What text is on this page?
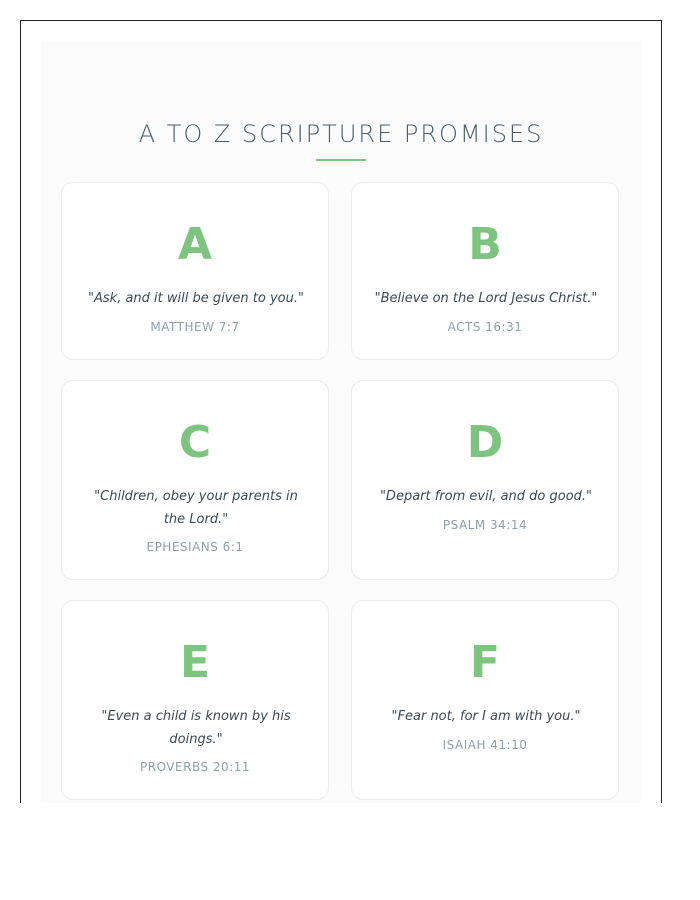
A TO Z SCRIPTURE PROMISES
A
"Ask, and it will be given to you."
MATTHEW 7:7
B
"Believe on the Lord Jesus Christ."
ACTS 16:31
C
"Children, obey your parents in the Lord."
EPHESIANS 6:1
D
"Depart from evil, and do good."
PSALM 34:14
E
"Even a child is known by his doings."
PROVERBS 20:11
F
"Fear not, for I am with you."
ISAIAH 41:10
